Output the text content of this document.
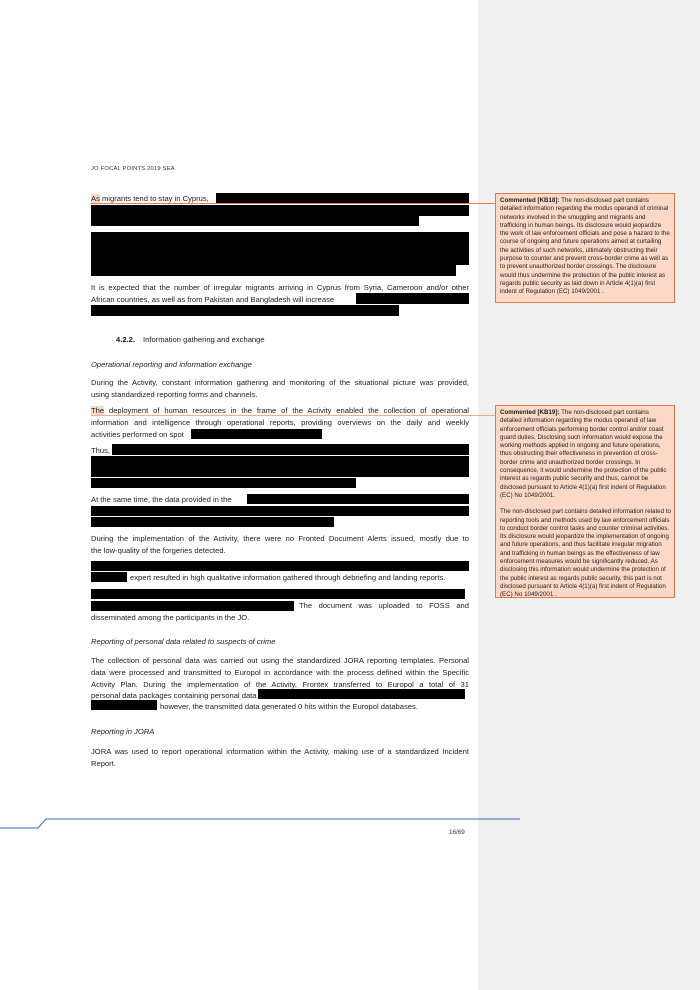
JO FOCAL POINTS 2019 SEA
As migrants tend to stay in Cyprus,
It is expected that the number of irregular migrants arriving in Cyprus from Syria, Cameroon and/or other
African countries, as well as from Pakistan and Bangladesh will increase
4.2.2. Information gathering and exchange
Operational reporting and information exchange
During the Activity, constant information gathering and monitoring of the situational picture was provided,
using standardized reporting forms and channels.
The deployment of human resources in the frame of the Activity enabled the collection of operational
information and intelligence through operational reports, providing overviews on the daily and weekly
activities performed on spot
Thus,
At the same time, the data provided in the
During the implementation of the Activity, there were no Fronted Document Alerts issued, mostly due to
the low-quality of the forgeries detected.
expert resulted in high qualitative information gathered through debriefing and landing reports.
The document was uploaded to FOSS and
disseminated among the participants in the JO.
Reporting of personal data related to suspects of crime
The collection of personal data was carried out using the standardized JORA reporting templates. Personal
data were processed and transmitted to Europol in accordance with the process defined within the Specific
Activity Plan. During the implementation of the Activity, Frontex transferred to Europol a total of 31
personal data packages containing personal data
however, the transmitted data generated 0 hits within the Europol databases.
Reporting in JORA
JORA was used to report operational information within the Activity, making use of a standardized Incident
Report.

Commented [KB18]: The non-disclosed part contains detailed information regarding the modus operandi of criminal networks involved in the smuggling and migrants and trafficking in human beings. Its disclosure would jeopardize the work of law enforcement officials and pose a hazard to the course of ongoing and future operations aimed at curtailing the activities of such networks, ultimately obstructing their purpose to counter and prevent cross-border crime as well as to prevent unauthorized border crossings. The disclosure would thus undermine the protection of the public interest as regards public security as laid down in Article 4(1)(a) first indent of Regulation (EC) 1049/2001 .

Commented [KB19]: The non-disclosed part contains detailed information regarding the modus operandi of law enforcement officials performing border control and/or coast guard duties. Disclosing such information would expose the working methods applied in ongoing and future operations, thus obstructing their effectiveness in prevention of cross-border crime and unauthorized border crossings. In consequence, it would undermine the protection of the public interest as regards public security and thus, cannot be disclosed pursuant to Article 4(1)(a) first indent of Regulation (EC) No 1049/2001.

The non-disclosed part contains detailed information related to reporting tools and methods used by law enforcement officials to conduct border control tasks and counter criminal activities. Its disclosure would jeopardize the implementation of ongoing and future operations, and thus facilitate irregular migration and trafficking in human beings as the effectiveness of law enforcement measures would be significantly reduced. As disclosing this information would undermine the protection of the public interest as regards public security, this part is not disclosed pursuant to Article 4(1)(a) first indent of Regulation (EC) No 1049/2001 .

16/69
